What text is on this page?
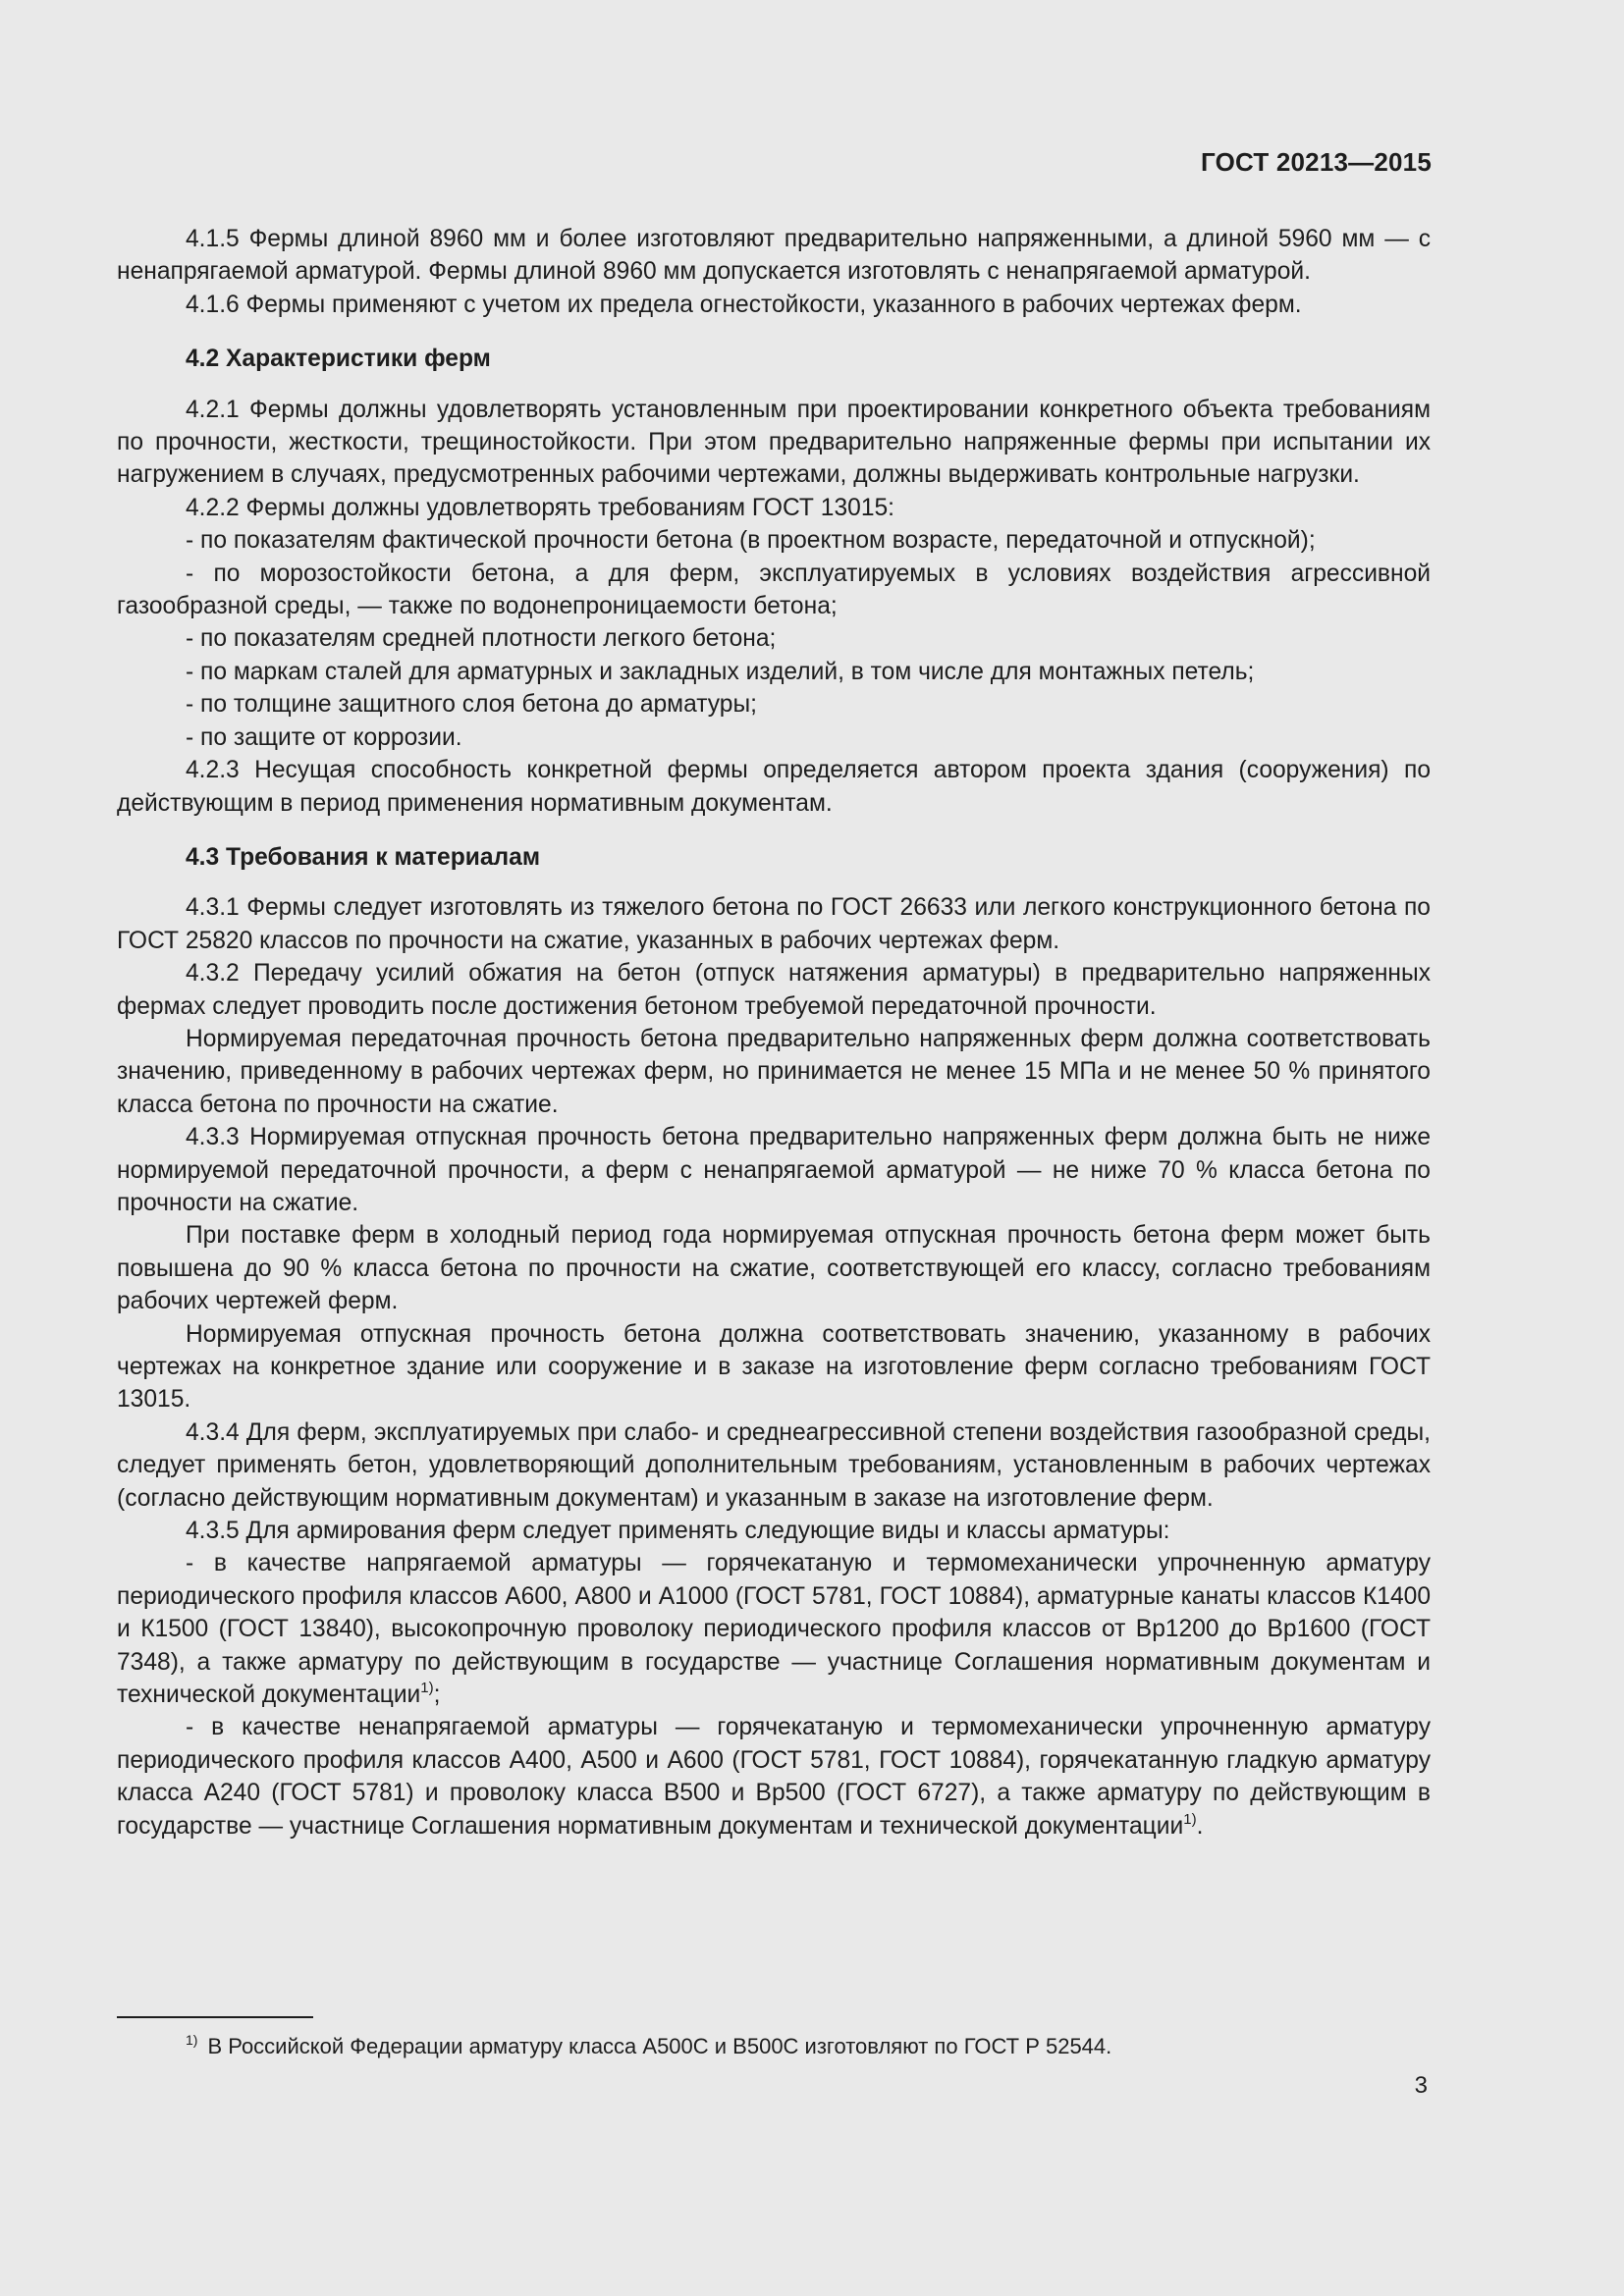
ГОСТ 20213—2015

4.1.5 Фермы длиной 8960 мм и более изготовляют предварительно напряженными, а длиной 5960 мм — с ненапрягаемой арматурой. Фермы длиной 8960 мм допускается изготовлять с ненапрягаемой арматурой.

4.1.6 Фермы применяют с учетом их предела огнестойкости, указанного в рабочих чертежах ферм.

4.2 Характеристики ферм

4.2.1 Фермы должны удовлетворять установленным при проектировании конкретного объекта требованиям по прочности, жесткости, трещиностойкости. При этом предварительно напряженные фермы при испытании их нагружением в случаях, предусмотренных рабочими чертежами, должны выдерживать контрольные нагрузки.

4.2.2 Фермы должны удовлетворять требованиям ГОСТ 13015:

- по показателям фактической прочности бетона (в проектном возрасте, передаточной и отпускной);

- по морозостойкости бетона, а для ферм, эксплуатируемых в условиях воздействия агрессивной газообразной среды, — также по водонепроницаемости бетона;

- по показателям средней плотности легкого бетона;

- по маркам сталей для арматурных и закладных изделий, в том числе для монтажных петель;

- по толщине защитного слоя бетона до арматуры;

- по защите от коррозии.

4.2.3 Несущая способность конкретной фермы определяется автором проекта здания (сооружения) по действующим в период применения нормативным документам.

4.3 Требования к материалам

4.3.1 Фермы следует изготовлять из тяжелого бетона по ГОСТ 26633 или легкого конструкционного бетона по ГОСТ 25820 классов по прочности на сжатие, указанных в рабочих чертежах ферм.

4.3.2 Передачу усилий обжатия на бетон (отпуск натяжения арматуры) в предварительно напряженных фермах следует проводить после достижения бетоном требуемой передаточной прочности.

Нормируемая передаточная прочность бетона предварительно напряженных ферм должна соответствовать значению, приведенному в рабочих чертежах ферм, но принимается не менее 15 МПа и не менее 50 % принятого класса бетона по прочности на сжатие.

4.3.3 Нормируемая отпускная прочность бетона предварительно напряженных ферм должна быть не ниже нормируемой передаточной прочности, а ферм с ненапрягаемой арматурой — не ниже 70 % класса бетона по прочности на сжатие.

При поставке ферм в холодный период года нормируемая отпускная прочность бетона ферм может быть повышена до 90 % класса бетона по прочности на сжатие, соответствующей его классу, согласно требованиям рабочих чертежей ферм.

Нормируемая отпускная прочность бетона должна соответствовать значению, указанному в рабочих чертежах на конкретное здание или сооружение и в заказе на изготовление ферм согласно требованиям ГОСТ 13015.

4.3.4 Для ферм, эксплуатируемых при слабо- и среднеагрессивной степени воздействия газообразной среды, следует применять бетон, удовлетворяющий дополнительным требованиям, установленным в рабочих чертежах (согласно действующим нормативным документам) и указанным в заказе на изготовление ферм.

4.3.5 Для армирования ферм следует применять следующие виды и классы арматуры:

- в качестве напрягаемой арматуры — горячекатаную и термомеханически упрочненную арматуру периодического профиля классов А600, А800 и А1000 (ГОСТ 5781, ГОСТ 10884), арматурные канаты классов К1400 и К1500 (ГОСТ 13840), высокопрочную проволоку периодического профиля классов от Вр1200 до Вр1600 (ГОСТ 7348), а также арматуру по действующим в государстве — участнице Соглашения нормативным документам и технической документации$^{1)}$;

- в качестве ненапрягаемой арматуры — горячекатаную и термомеханически упрочненную арматуру периодического профиля классов А400, А500 и А600 (ГОСТ 5781, ГОСТ 10884), горячекатанную гладкую арматуру класса А240 (ГОСТ 5781) и проволоку класса В500 и Вр500 (ГОСТ 6727), а также арматуру по действующим в государстве — участнице Соглашения нормативным документам и технической документации$^{1)}$.

$^{1)}$ В Российской Федерации арматуру класса А500С и В500С изготовляют по ГОСТ Р 52544.
3
